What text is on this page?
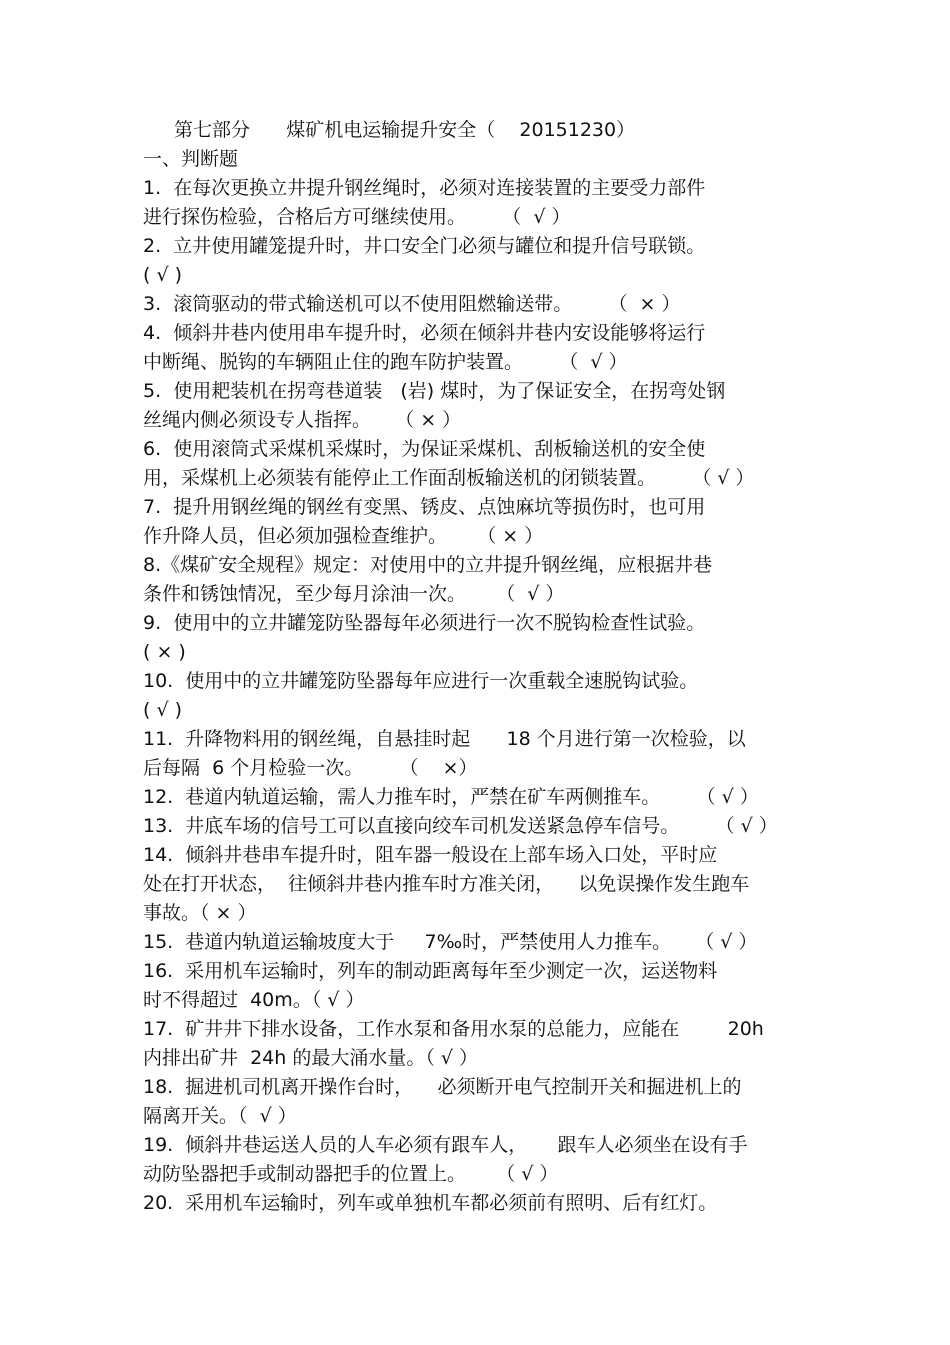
第七部分      煤矿机电运输提升安全（    20151230）
一、判断题
1.  在每次更换立井提升钢丝绳时，必须对连接装置的主要受力部件
进行探伤检验，合格后方可继续使用。      （  √ ）
2.  立井使用罐笼提升时，井口安全门必须与罐位和提升信号联锁。
( √ )
3.  滚筒驱动的带式输送机可以不使用阻燃输送带。      （  × ）
4.  倾斜井巷内使用串车提升时，必须在倾斜井巷内安设能够将运行
中断绳、脱钩的车辆阻止住的跑车防护装置。      （  √ ）
5.  使用耙装机在拐弯巷道装   (岩) 煤时，为了保证安全，在拐弯处钢
丝绳内侧必须设专人指挥。    （ × ）
6.  使用滚筒式采煤机采煤时，为保证采煤机、刮板输送机的安全使
用，采煤机上必须装有能停止工作面刮板输送机的闭锁装置。      （ √ ）
7.  提升用钢丝绳的钢丝有变黑、锈皮、点蚀麻坑等损伤时，也可用
作升降人员，但必须加强检查维护。     （ × ）
8.《煤矿安全规程》规定：对使用中的立井提升钢丝绳，应根据井巷
条件和锈蚀情况，至少每月涂油一次。     （  √ ）
9.  使用中的立井罐笼防坠器每年必须进行一次不脱钩检查性试验。
( × )
10.  使用中的立井罐笼防坠器每年应进行一次重载全速脱钩试验。
( √ )
11.  升降物料用的钢丝绳，自悬挂时起      18 个月进行第一次检验，以
后每隔  6 个月检验一次。      （    ×）
12.  巷道内轨道运输，需人力推车时，严禁在矿车两侧推车。      （ √ ）
13.  井底车场的信号工可以直接向绞车司机发送紧急停车信号。      （ √ ）
14.  倾斜井巷串车提升时，阻车器一般设在上部车场入口处，平时应
处在打开状态，  往倾斜井巷内推车时方准关闭，    以免误操作发生跑车
事故。（ × ）
15.  巷道内轨道运输坡度大于     7‰时，严禁使用人力推车。    （ √ ）
16.  采用机车运输时，列车的制动距离每年至少测定一次，运送物料
时不得超过  40m。（ √ ）
17.  矿井井下排水设备，工作水泵和备用水泵的总能力，应能在        20h
内排出矿井  24h 的最大涌水量。（ √ ）
18.  掘进机司机离开操作台时，    必须断开电气控制开关和掘进机上的
隔离开关。（  √ ）
19.  倾斜井巷运送人员的人车必须有跟车人，     跟车人必须坐在设有手
动防坠器把手或制动器把手的位置上。     （ √ ）
20.  采用机车运输时，列车或单独机车都必须前有照明、后有红灯。
